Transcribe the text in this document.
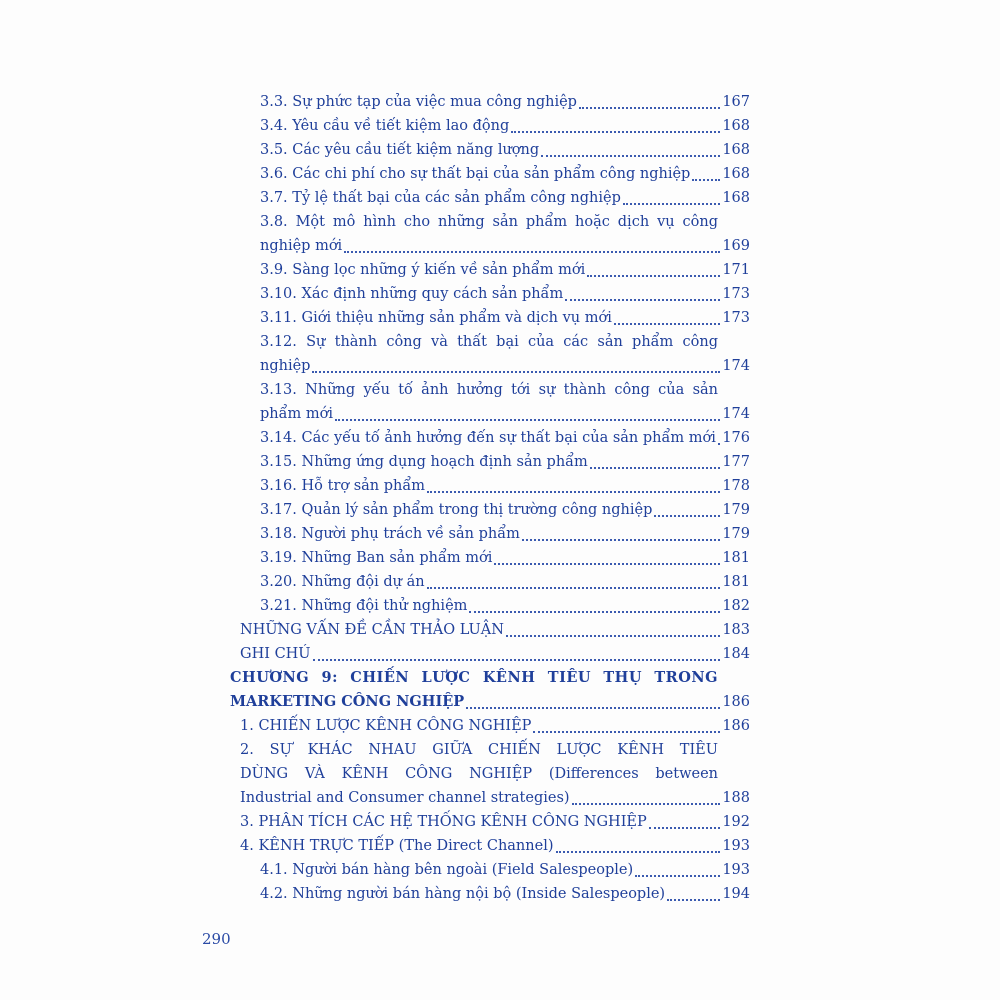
3.3. Sự phức tạp của việc mua công nghiệp	167
3.4. Yêu cầu về tiết kiệm lao động	168
3.5. Các yêu cầu tiết kiệm năng lượng	168
3.6. Các chi phí cho sự thất bại của sản phẩm công nghiệp 168
3.7. Tỷ lệ thất bại của các sản phẩm công nghiệp	168
3.8. Một mô hình cho những sản phẩm hoặc dịch vụ công
nghiệp mới	169
3.9. Sàng lọc những ý kiến về sản phẩm mới	171
3.10. Xác định những quy cách sản phẩm	173
3.11. Giới thiệu những sản phẩm và dịch vụ mới	173
3.12. Sự thành công và thất bại của các sản phẩm công
nghiệp	174
3.13. Những yếu tố ảnh hưởng tới sự thành công của sản
phẩm mới	174
3.14. Các yếu tố ảnh hưởng đến sự thất bại của sản phẩm mới 176
3.15. Những ứng dụng hoạch định sản phẩm	177
3.16. Hỗ trợ sản phẩm	178
3.17. Quản lý sản phẩm trong thị trường công nghiệp	179
3.18. Người phụ trách về sản phẩm	179
3.19. Những Ban sản phẩm mới	181
3.20. Những đội dự án	181
3.21. Những đội thử nghiệm	182
NHỮNG VẤN ĐỀ CẦN THẢO LUẬN	183
GHI CHÚ	184
CHƯƠNG 9: CHIẾN LƯỢC KÊNH TIÊU THỤ TRONG
MARKETING CÔNG NGHIỆP	186
1. CHIẾN LƯỢC KÊNH CÔNG NGHIỆP	186
2. SỰ KHÁC NHAU GIỮA CHIẾN LƯỢC KÊNH TIÊU
DÙNG VÀ KÊNH CÔNG NGHIỆP (Differences between
Industrial and Consumer channel strategies)	188
3. PHÂN TÍCH CÁC HỆ THỐNG KÊNH CÔNG NGHIỆP	192
4. KÊNH TRỰC TIẾP (The Direct Channel)	193
4.1. Người bán hàng bên ngoài (Field Salespeople)	193
4.2. Những người bán hàng nội bộ (Inside Salespeople)	194
290
